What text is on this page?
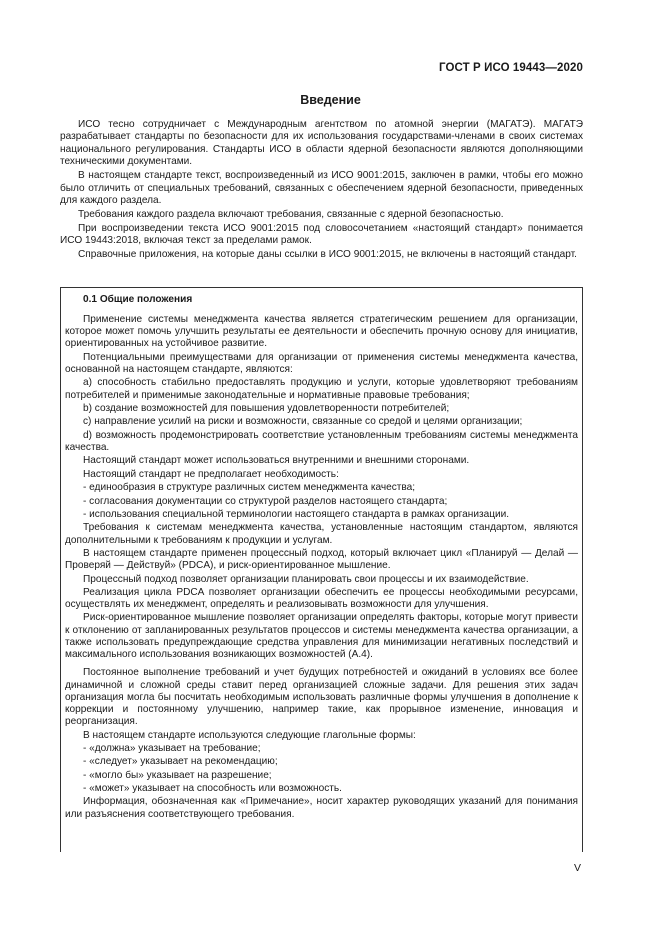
ГОСТ Р ИСО 19443—2020
Введение

ИСО тесно сотрудничает с Международным агентством по атомной энергии (МАГАТЭ). МАГАТЭ разрабатывает стандарты по безопасности для их использования государствами-членами в своих системах национального регулирования. Стандарты ИСО в области ядерной безопасности являются дополняющими техническими документами.

В настоящем стандарте текст, воспроизведенный из ИСО 9001:2015, заключен в рамки, чтобы его можно было отличить от специальных требований, связанных с обеспечением ядерной безопасности, приведенных для каждого раздела.

Требования каждого раздела включают требования, связанные с ядерной безопасностью.

При воспроизведении текста ИСО 9001:2015 под словосочетанием «настоящий стандарт» понимается ИСО 19443:2018, включая текст за пределами рамок.

Справочные приложения, на которые даны ссылки в ИСО 9001:2015, не включены в настоящий стандарт.

0.1 Общие положения

Применение системы менеджмента качества является стратегическим решением для организации, которое может помочь улучшить результаты ее деятельности и обеспечить прочную основу для инициатив, ориентированных на устойчивое развитие.

Потенциальными преимуществами для организации от применения системы менеджмента качества, основанной на настоящем стандарте, являются:

a) способность стабильно предоставлять продукцию и услуги, которые удовлетворяют требованиям потребителей и применимые законодательные и нормативные правовые требования;

b) создание возможностей для повышения удовлетворенности потребителей;

c) направление усилий на риски и возможности, связанные со средой и целями организации;

d) возможность продемонстрировать соответствие установленным требованиям системы менеджмента качества.

Настоящий стандарт может использоваться внутренними и внешними сторонами.

Настоящий стандарт не предполагает необходимость:

- единообразия в структуре различных систем менеджмента качества;

- согласования документации со структурой разделов настоящего стандарта;

- использования специальной терминологии настоящего стандарта в рамках организации.

Требования к системам менеджмента качества, установленные настоящим стандартом, являются дополнительными к требованиям к продукции и услугам.

В настоящем стандарте применен процессный подход, который включает цикл «Планируй — Делай — Проверяй — Действуй» (PDCA), и риск-ориентированное мышление.

Процессный подход позволяет организации планировать свои процессы и их взаимодействие.

Реализация цикла PDCA позволяет организации обеспечить ее процессы необходимыми ресурсами, осуществлять их менеджмент, определять и реализовывать возможности для улучшения.

Риск-ориентированное мышление позволяет организации определять факторы, которые могут привести к отклонению от запланированных результатов процессов и системы менеджмента качества организации, а также использовать предупреждающие средства управления для минимизации негативных последствий и максимального использования возникающих возможностей (А.4).

Постоянное выполнение требований и учет будущих потребностей и ожиданий в условиях все более динамичной и сложной среды ставит перед организацией сложные задачи. Для решения этих задач организация могла бы посчитать необходимым использовать различные формы улучшения в дополнение к коррекции и постоянному улучшению, например такие, как прорывное изменение, инновация и реорганизация.

В настоящем стандарте используются следующие глагольные формы:

- «должна» указывает на требование;

- «следует» указывает на рекомендацию;

- «могло бы» указывает на разрешение;

- «может» указывает на способность или возможность.

Информация, обозначенная как «Примечание», носит характер руководящих указаний для понимания или разъяснения соответствующего требования.

V
